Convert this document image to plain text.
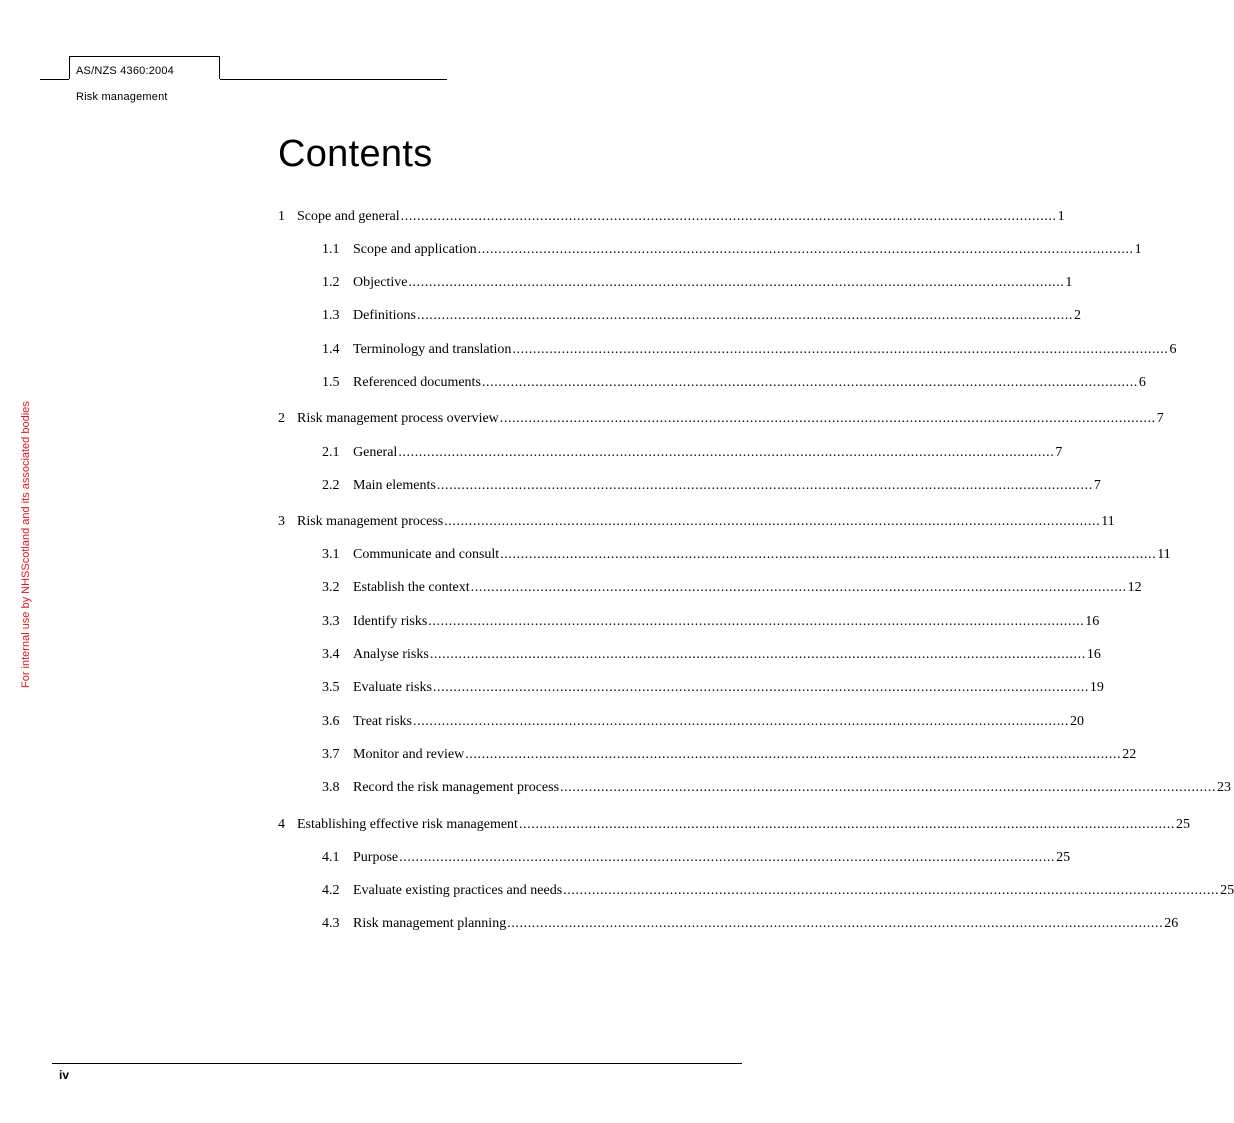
AS/NZS 4360:2004
Risk management
Contents
For internal use by NHSScotland and its associated bodies
1 Scope and general ................................................................................................................................................................ 1
1.1 Scope and application ................................................................................................................................................................ 1
1.2 Objective ................................................................................................................................................................ 1
1.3 Definitions ................................................................................................................................................................ 2
1.4 Terminology and translation ................................................................................................................................................................ 6
1.5 Referenced documents ................................................................................................................................................................ 6
2 Risk management process overview ................................................................................................................................................................ 7
2.1 General ................................................................................................................................................................ 7
2.2 Main elements ................................................................................................................................................................ 7
3 Risk management process ................................................................................................................................................................ 11
3.1 Communicate and consult ................................................................................................................................................................ 11
3.2 Establish the context ................................................................................................................................................................ 12
3.3 Identify risks ................................................................................................................................................................ 16
3.4 Analyse risks ................................................................................................................................................................ 16
3.5 Evaluate risks ................................................................................................................................................................ 19
3.6 Treat risks ................................................................................................................................................................ 20
3.7 Monitor and review ................................................................................................................................................................ 22
3.8 Record the risk management process ................................................................................................................................................................ 23
4 Establishing effective risk management ................................................................................................................................................................ 25
4.1 Purpose ................................................................................................................................................................ 25
4.2 Evaluate existing practices and needs ................................................................................................................................................................ 25
4.3 Risk management planning ................................................................................................................................................................ 26
iv
